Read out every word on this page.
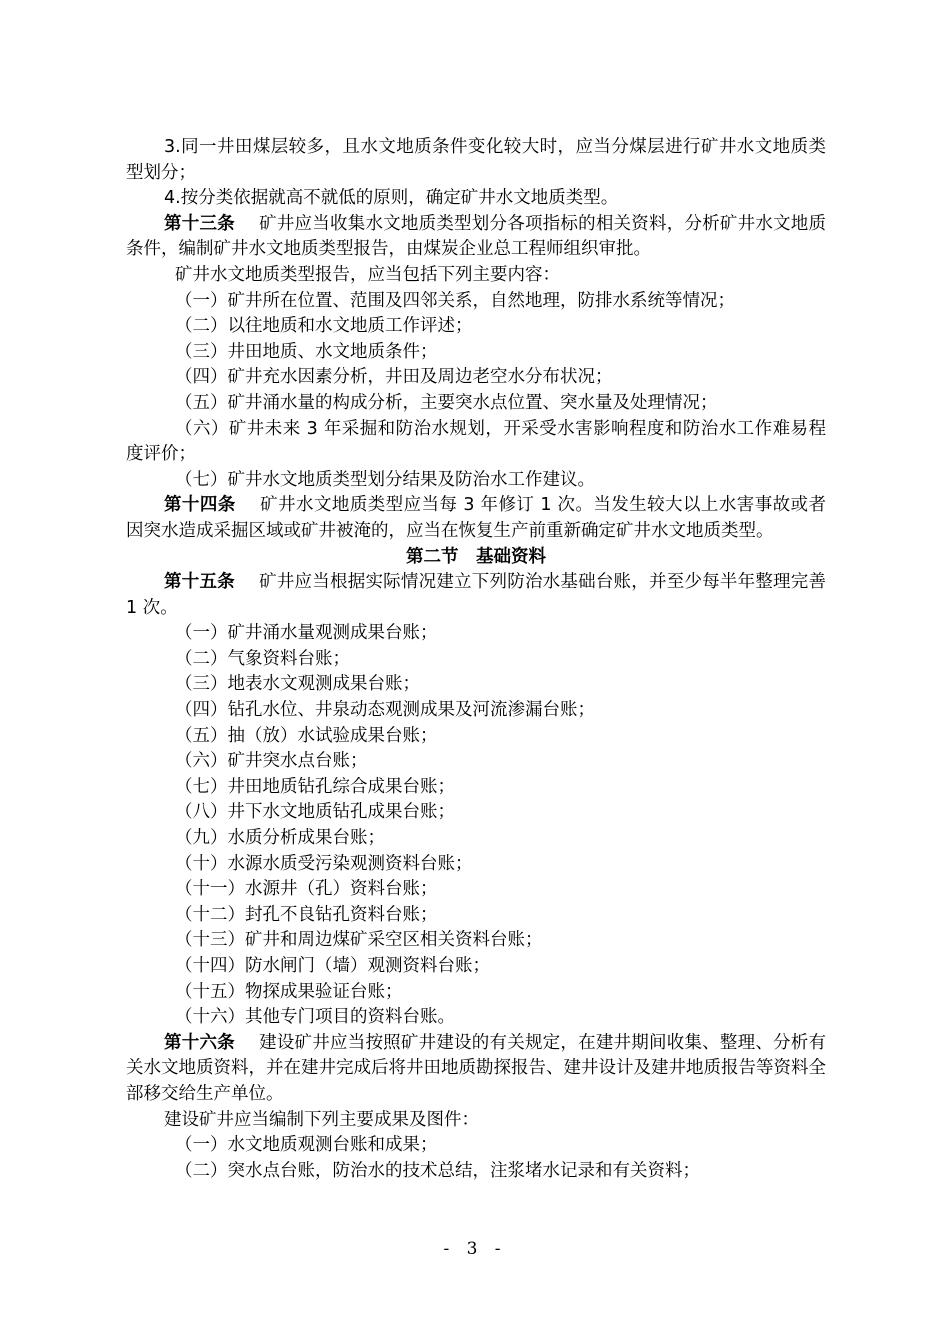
3.同一井田煤层较多，且水文地质条件变化较大时，应当分煤层进行矿井水文地质类型划分；

4.按分类依据就高不就低的原则，确定矿井水文地质类型。

第十三条 矿井应当收集水文地质类型划分各项指标的相关资料，分析矿井水文地质条件，编制矿井水文地质类型报告，由煤炭企业总工程师组织审批。

矿井水文地质类型报告，应当包括下列主要内容：

（一）矿井所在位置、范围及四邻关系，自然地理，防排水系统等情况；

（二）以往地质和水文地质工作评述；

（三）井田地质、水文地质条件；

（四）矿井充水因素分析，井田及周边老空水分布状况；

（五）矿井涌水量的构成分析，主要突水点位置、突水量及处理情况；

（六）矿井未来 3 年采掘和防治水规划，开采受水害影响程度和防治水工作难易程度评价；

（七）矿井水文地质类型划分结果及防治水工作建议。

第十四条 矿井水文地质类型应当每 3 年修订 1 次。当发生较大以上水害事故或者因突水造成采掘区域或矿井被淹的，应当在恢复生产前重新确定矿井水文地质类型。

第二节　基础资料

第十五条 矿井应当根据实际情况建立下列防治水基础台账，并至少每半年整理完善 1 次。

（一）矿井涌水量观测成果台账；

（二）气象资料台账；

（三）地表水文观测成果台账；

（四）钻孔水位、井泉动态观测成果及河流渗漏台账；

（五）抽（放）水试验成果台账；

（六）矿井突水点台账；

（七）井田地质钻孔综合成果台账；

（八）井下水文地质钻孔成果台账；

（九）水质分析成果台账；

（十）水源水质受污染观测资料台账；

（十一）水源井（孔）资料台账；

（十二）封孔不良钻孔资料台账；

（十三）矿井和周边煤矿采空区相关资料台账；

（十四）防水闸门（墙）观测资料台账；

（十五）物探成果验证台账；

（十六）其他专门项目的资料台账。

第十六条 建设矿井应当按照矿井建设的有关规定，在建井期间收集、整理、分析有关水文地质资料，并在建井完成后将井田地质勘探报告、建井设计及建井地质报告等资料全部移交给生产单位。

建设矿井应当编制下列主要成果及图件：

（一）水文地质观测台账和成果；

（二）突水点台账，防治水的技术总结，注浆堵水记录和有关资料；

- 3 -
